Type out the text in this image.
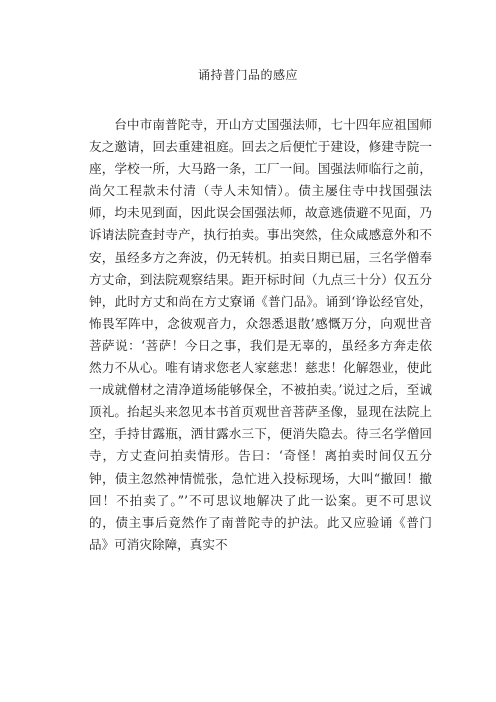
诵持普门品的感应

台中市南普陀寺，开山方丈国强法师，七十四年应祖国师友之邀请，回去重建祖庭。回去之后便忙于建设，修建寺院一座，学校一所，大马路一条，工厂一间。国强法师临行之前，尚欠工程款未付清（寺人未知情）。债主屡住寺中找国强法师，均未见到面，因此误会国强法师，故意逃债避不见面，乃诉请法院查封寺产，执行拍卖。事出突然，住众咸感意外和不安，虽经多方之奔波，仍无转机。拍卖日期已届，三名学僧奉方丈命，到法院观察结果。距开标时间（九点三十分）仅五分钟，此时方丈和尚在方丈寮诵《普门品》。诵到‘诤讼经官处，怖畏军阵中，念彼观音力，众怨悉退散’感慨万分，向观世音菩萨说：‘菩萨！今日之事，我们是无辜的，虽经多方奔走依然力不从心。唯有请求您老人家慈悲！慈悲！化解怨业，使此一成就僧材之清净道场能够保全，不被拍卖。’说过之后，至诚顶礼。抬起头来忽见本书首页观世音菩萨圣像，显现在法院上空，手持甘露瓶，洒甘露水三下，便消失隐去。待三名学僧回寺，方丈查问拍卖情形。告曰：‘奇怪！离拍卖时间仅五分钟，债主忽然神情慌张，急忙进入投标现场，大叫“撤回！撤回！不拍卖了。”’不可思议地解决了此一讼案。更不可思议的，债主事后竟然作了南普陀寺的护法。此又应验诵《普门品》可消灾除障，真实不
